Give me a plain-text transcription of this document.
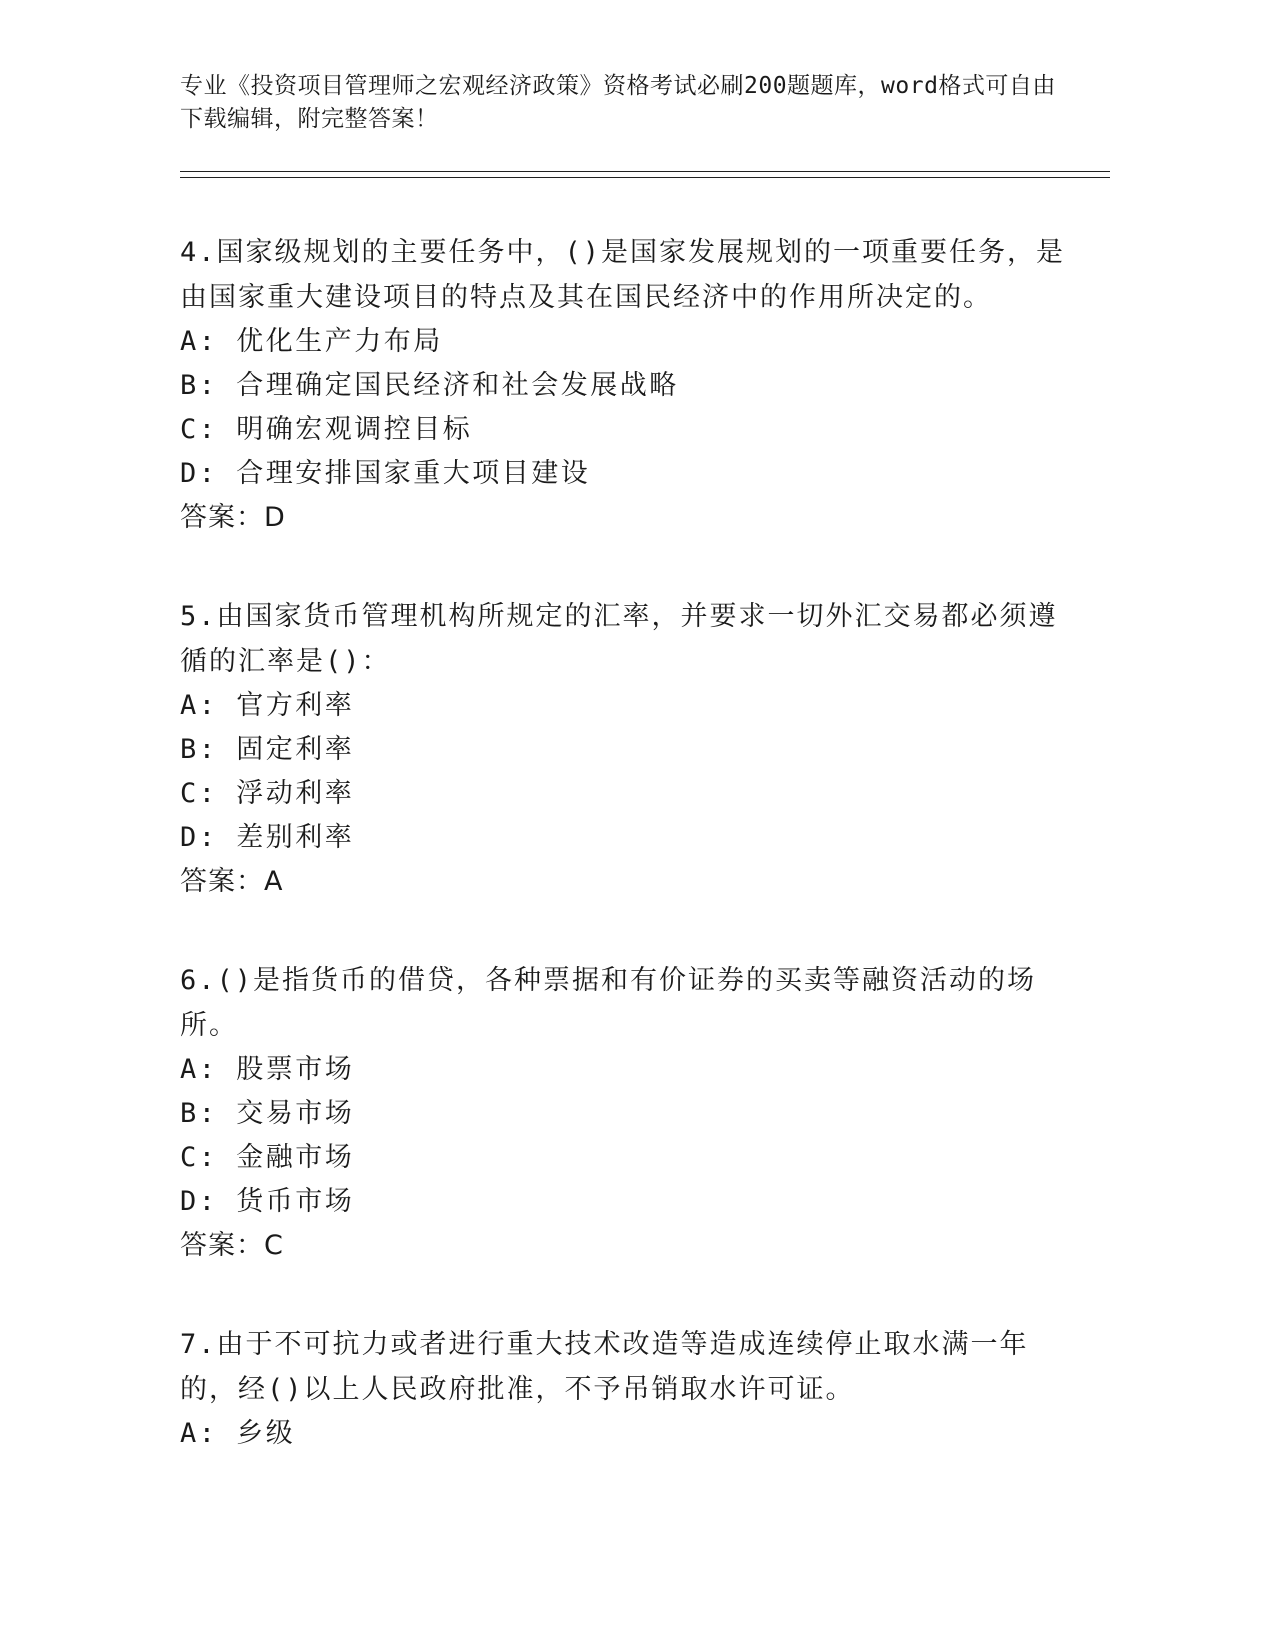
专业《投资项目管理师之宏观经济政策》资格考试必刷200题题库，word格式可自由下载编辑，附完整答案！
4.国家级规划的主要任务中，()是国家发展规划的一项重要任务，是由国家重大建设项目的特点及其在国民经济中的作用所决定的。
A: 优化生产力布局
B: 合理确定国民经济和社会发展战略
C: 明确宏观调控目标
D: 合理安排国家重大项目建设
答案：D
5.由国家货币管理机构所规定的汇率，并要求一切外汇交易都必须遵循的汇率是()：
A: 官方利率
B: 固定利率
C: 浮动利率
D: 差别利率
答案：A
6.()是指货币的借贷，各种票据和有价证券的买卖等融资活动的场所。
A: 股票市场
B: 交易市场
C: 金融市场
D: 货币市场
答案：C
7.由于不可抗力或者进行重大技术改造等造成连续停止取水满一年的，经()以上人民政府批准，不予吊销取水许可证。
A: 乡级
